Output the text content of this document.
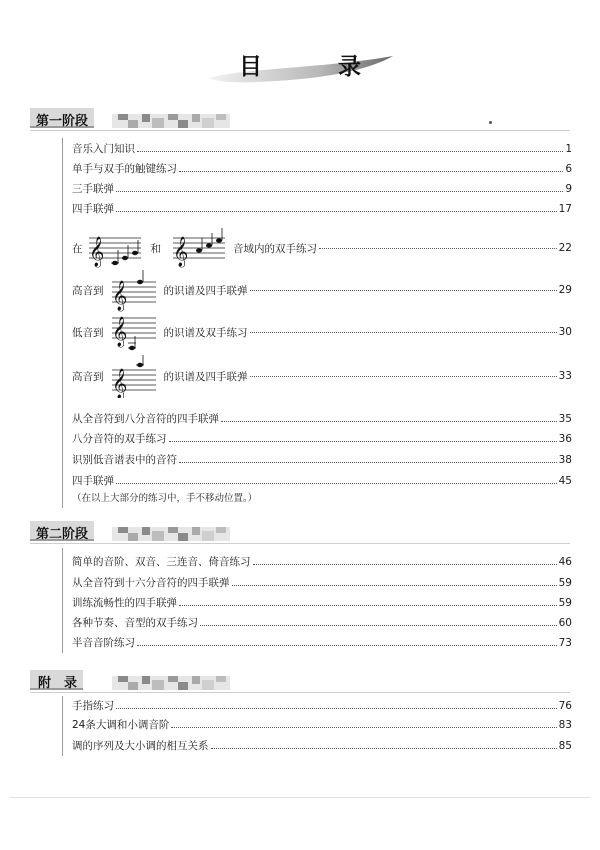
目 录
第一阶段
音乐入门知识	1
单手与双手的触键练习	6
三手联弹	9
四手联弹	17
在 𝄞	和 𝄞	音域内的双手练习	22
高音到 𝄞	的识谱及四手联弹	29
低音到 𝄞	的识谱及双手练习	30
高音到 𝄞	的识谱及四手联弹	33
从全音符到八分音符的四手联弹	35
八分音符的双手练习	36
识别低音谱表中的音符	38
四手联弹	45
（在以上大部分的练习中，手不移动位置。）
第二阶段
简单的音阶、双音、三连音、倚音练习	46
从全音符到十六分音符的四手联弹	59
训练流畅性的四手联弹	59
各种节奏、音型的双手练习	60
半音音阶练习	73
附　录
手指练习	76
24条大调和小调音阶	83
调的序列及大小调的相互关系	85
